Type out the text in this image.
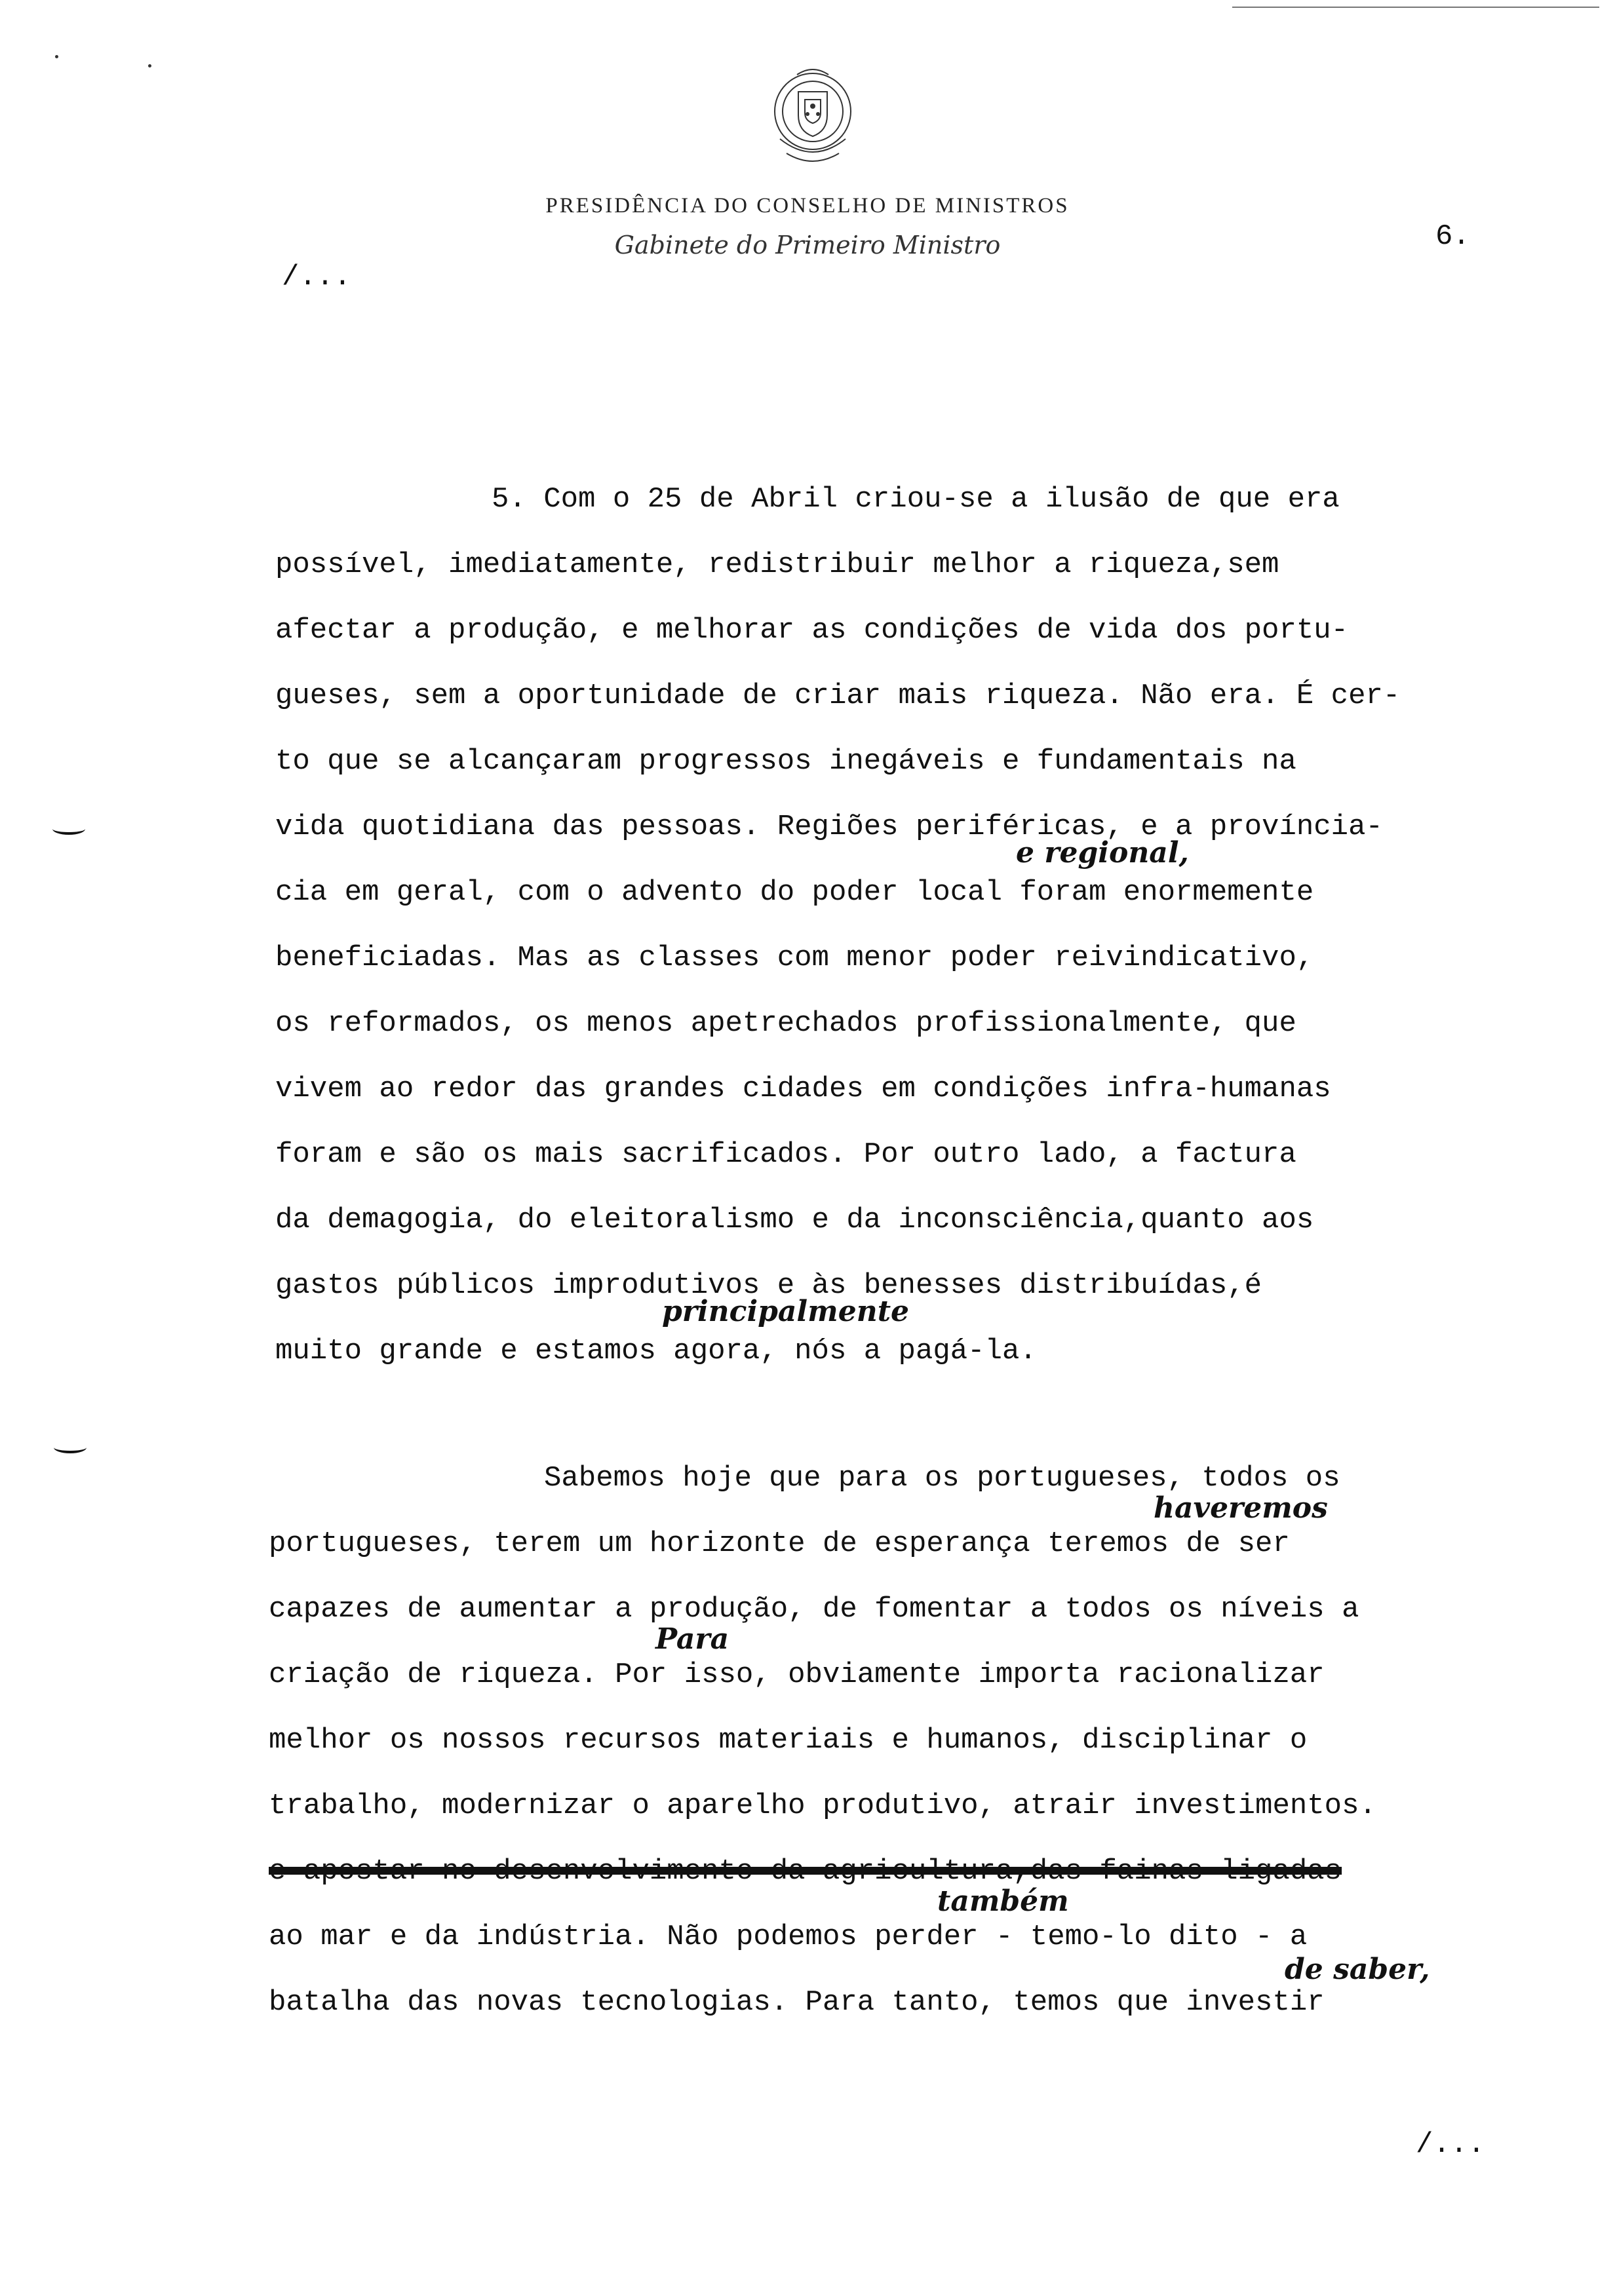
PRESIDÊNCIA DO CONSELHO DE MINISTROS
Gabinete do Primeiro Ministro	6.
/...
5. Com o 25 de Abril criou-se a ilusão de que era
possível, imediatamente, redistribuir melhor a riqueza,sem
afectar a produção, e melhorar as condições de vida dos portu-
gueses, sem a oportunidade de criar mais riqueza. Não era. É cer-
to que se alcançaram progressos inegáveis e fundamentais na
vida quotidiana das pessoas. Regiões periféricas, e a província-
cia em geral, com o advento do poder local foram enormemente
beneficiadas. Mas as classes com menor poder reivindicativo,
os reformados, os menos apetrechados profissionalmente, que
vivem ao redor das grandes cidades em condições infra-humanas
foram e são os mais sacrificados. Por outro lado, a factura
da demagogia, do eleitoralismo e da inconsciência,quanto aos
gastos públicos improdutivos e às benesses distribuídas,é
muito grande e estamos agora, nós a pagá-la.
Sabemos hoje que para os portugueses, todos os
portugueses, terem um horizonte de esperança teremos de ser
capazes de aumentar a produção, de fomentar a todos os níveis a
criação de riqueza. Por isso, obviamente importa racionalizar
melhor os nossos recursos materiais e humanos, disciplinar o
trabalho, modernizar o aparelho produtivo, atrair investimentos.
e apostar no desenvolvimento da agricultura,das fainas ligadas
ao mar e da indústria. Não podemos perder - temo-lo dito - a
batalha das novas tecnologias. Para tanto, temos que investir
e regional,
principalmente
haveremos
Para
também
de saber,
/...
